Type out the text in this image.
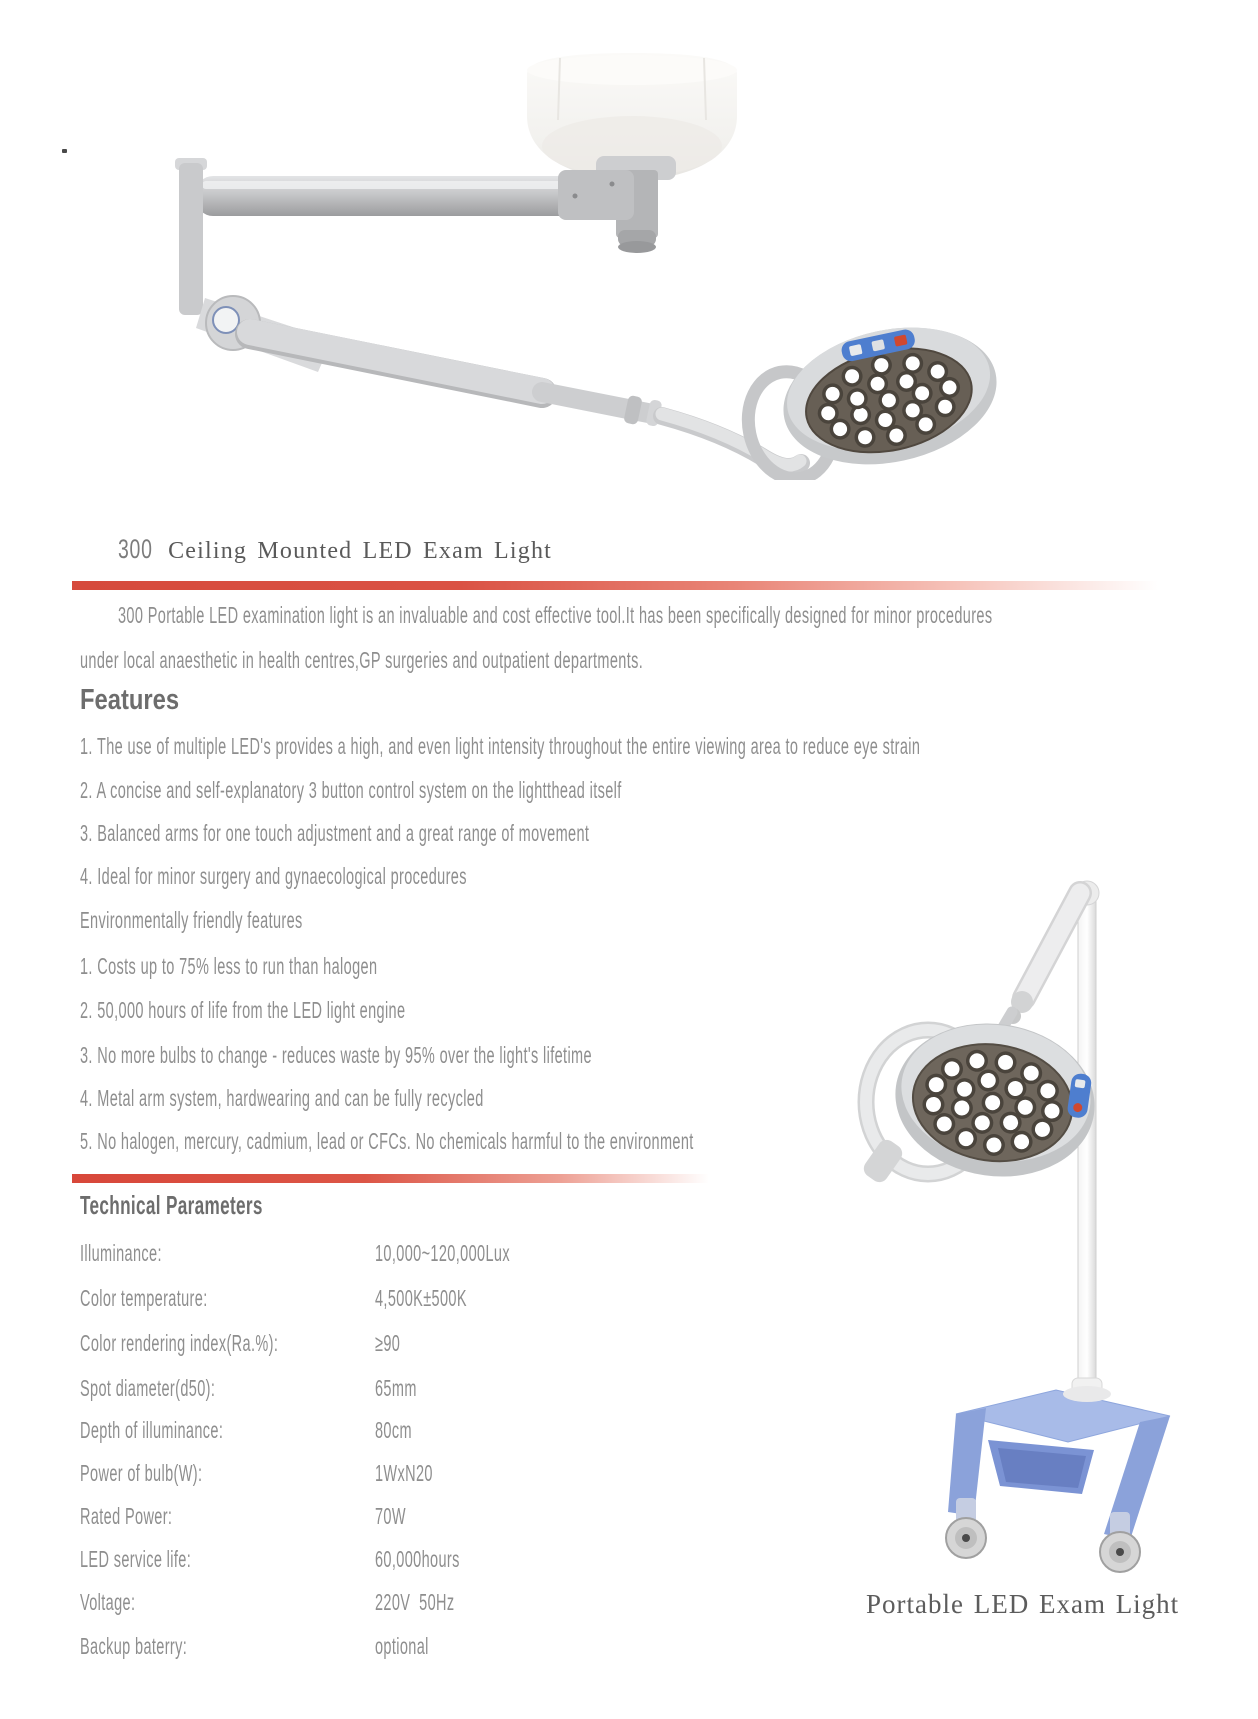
300 Ceiling Mounted LED Exam Light
300 Portable LED examination light is an invaluable and cost effective tool.It has been specifically designed for minor procedures
under local anaesthetic in health centres,GP surgeries and outpatient departments.
Features
1. The use of multiple LED's provides a high, and even light intensity throughout the entire viewing area to reduce eye strain
2. A concise and self-explanatory 3 button control system on the lightthead itself
3. Balanced arms for one touch adjustment and a great range of movement
4. Ideal for minor surgery and gynaecological procedures
Environmentally friendly features
1. Costs up to 75% less to run than halogen
2. 50,000 hours of life from the LED light engine
3. No more bulbs to change - reduces waste by 95% over the light's lifetime
4. Metal arm system, hardwearing and can be fully recycled
5. No halogen, mercury, cadmium, lead or CFCs. No chemicals harmful to the environment
Technical Parameters
Illuminance:	10,000~120,000Lux
Color temperature:	4,500K±500K
Color rendering index(Ra.%):	≥90
Spot diameter(d50):	65mm
Depth of illuminance:	80cm
Power of bulb(W):	1WxN20
Rated Power:	70W
LED service life:	60,000hours
Voltage:	220V  50Hz
Backup baterry:	optional
Portable LED Exam Light
